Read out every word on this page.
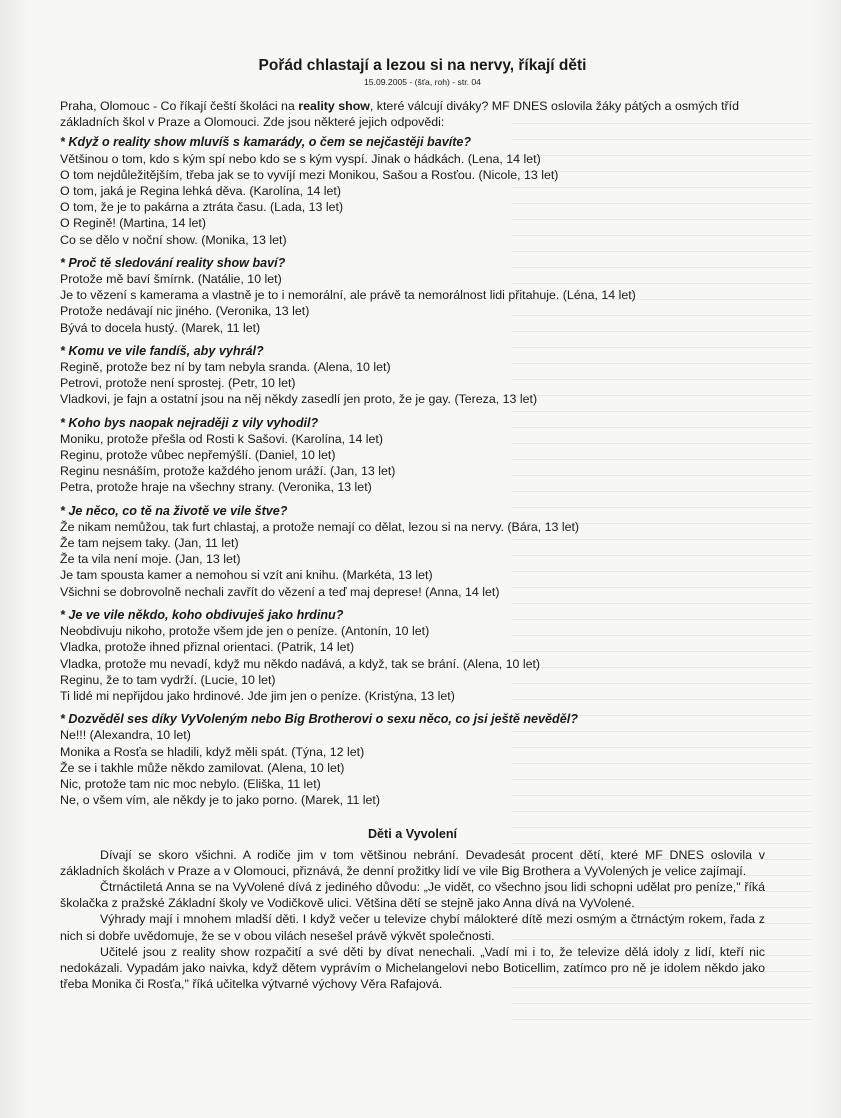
Pořád chlastají a lezou si na nervy, říkají děti
15.09.2005 - (šťa, roh) - str. 04
Praha, Olomouc - Co říkají čeští školáci na reality show, které válcují diváky? MF DNES oslovila žáky pátých a osmých tříd základních škol v Praze a Olomouci. Zde jsou některé jejich odpovědi:
* Když o reality show mluvíš s kamarády, o čem se nejčastěji bavíte?
Většinou o tom, kdo s kým spí nebo kdo se s kým vyspí. Jinak o hádkách. (Lena, 14 let)
O tom nejdůležitějším, třeba jak se to vyvíjí mezi Monikou, Sašou a Rosťou. (Nicole, 13 let)
O tom, jaká je Regina lehká děva. (Karolína, 14 let)
O tom, že je to pakárna a ztráta času. (Lada, 13 let)
O Regině! (Martina, 14 let)
Co se dělo v noční show. (Monika, 13 let)
* Proč tě sledování reality show baví?
Protože mě baví šmírnk. (Natálie, 10 let)
Je to vězení s kamerama a vlastně je to i nemorální, ale právě ta nemorálnost lidi přitahuje. (Léna, 14 let)
Protože nedávají nic jiného. (Veronika, 13 let)
Bývá to docela hustý. (Marek, 11 let)
* Komu ve vile fandíš, aby vyhrál?
Regině, protože bez ní by tam nebyla sranda. (Alena, 10 let)
Petrovi, protože není sprostej. (Petr, 10 let)
Vladkovi, je fajn a ostatní jsou na něj někdy zasedlí jen proto, že je gay. (Tereza, 13 let)
* Koho bys naopak nejraději z vily vyhodil?
Moniku, protože přešla od Rosti k Sašovi. (Karolína, 14 let)
Reginu, protože vůbec nepřemýšlí. (Daniel, 10 let)
Reginu nesnáším, protože každého jenom uráží. (Jan, 13 let)
Petra, protože hraje na všechny strany. (Veronika, 13 let)
* Je něco, co tě na životě ve vile štve?
Že nikam nemůžou, tak furt chlastaj, a protože nemají co dělat, lezou si na nervy. (Bára, 13 let)
Že tam nejsem taky. (Jan, 11 let)
Že ta vila není moje. (Jan, 13 let)
Je tam spousta kamer a nemohou si vzít ani knihu. (Markéta, 13 let)
Všichni se dobrovolně nechali zavřít do vězení a teď maj deprese! (Anna, 14 let)
* Je ve vile někdo, koho obdivuješ jako hrdinu?
Neobdivuju nikoho, protože všem jde jen o peníze. (Antonín, 10 let)
Vladka, protože ihned přiznal orientaci. (Patrik, 14 let)
Vladka, protože mu nevadí, když mu někdo nadává, a když, tak se brání. (Alena, 10 let)
Reginu, že to tam vydrží. (Lucie, 10 let)
Ti lidé mi nepřijdou jako hrdinové. Jde jim jen o peníze. (Kristýna, 13 let)
* Dozvěděl ses díky VyVoleným nebo Big Brotherovi o sexu něco, co jsi ještě nevěděl?
Ne!!! (Alexandra, 10 let)
Monika a Rosťa se hladili, když měli spát. (Týna, 12 let)
Že se i takhle může někdo zamilovat. (Alena, 10 let)
Nic, protože tam nic moc nebylo. (Eliška, 11 let)
Ne, o všem vím, ale někdy je to jako porno. (Marek, 11 let)
Děti a Vyvolení

Dívají se skoro všichni. A rodiče jim v tom většinou nebrání. Devadesát procent dětí, které MF DNES oslovila v základních školách v Praze a v Olomouci, přiznává, že denní prožitky lidí ve vile Big Brothera a VyVolených je velice zajímají.

Čtrnáctiletá Anna se na VyVolené dívá z jediného důvodu: „Je vidět, co všechno jsou lidi schopni udělat pro peníze," říká školačka z pražské Základní školy ve Vodičkově ulici. Většina dětí se stejně jako Anna dívá na VyVolené.

Výhrady mají i mnohem mladší děti. I když večer u televize chybí málokteré dítě mezi osmým a čtrnáctým rokem, řada z nich si dobře uvědomuje, že se v obou vilách nesešel právě výkvět společnosti.

Učitelé jsou z reality show rozpačití a své děti by dívat nenechali. „Vadí mi i to, že televize dělá idoly z lidí, kteří nic nedokázali. Vypadám jako naivka, když dětem vyprávím o Michelangelovi nebo Boticellim, zatímco pro ně je idolem někdo jako třeba Monika či Rosťa," říká učitelka výtvarné výchovy Věra Rafajová.
